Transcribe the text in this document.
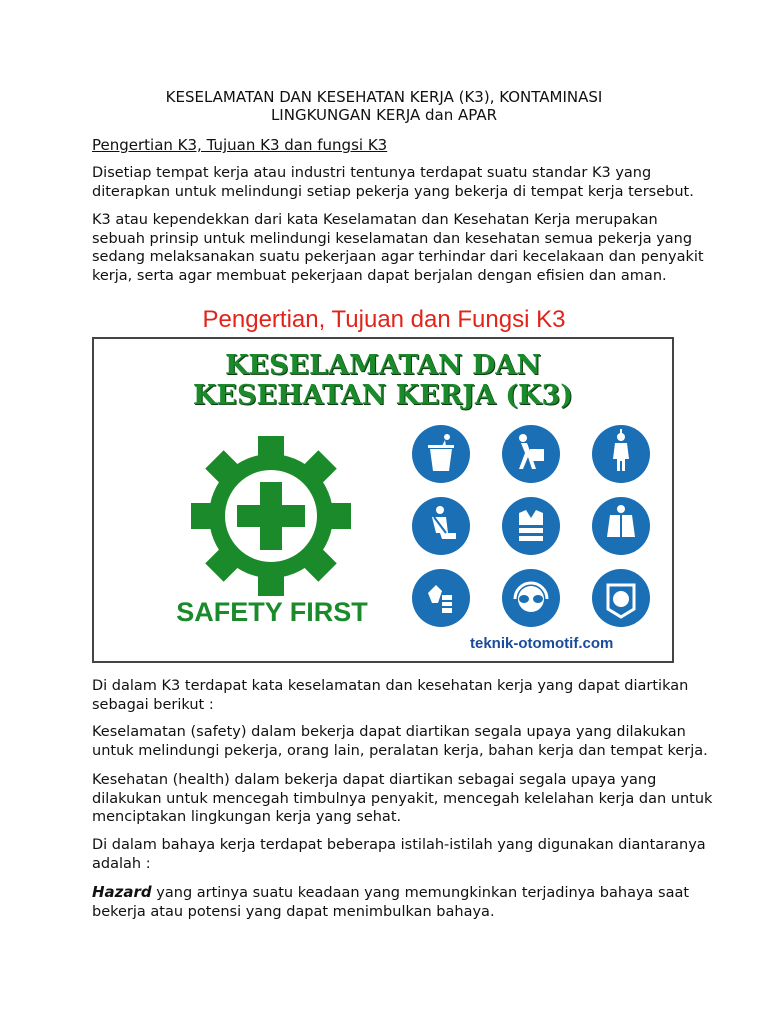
KESELAMATAN DAN KESEHATAN KERJA (K3), KONTAMINASI
LINGKUNGAN KERJA dan APAR
Pengertian K3, Tujuan K3 dan fungsi K3
Disetiap tempat kerja atau industri tentunya terdapat suatu standar K3 yang
diterapkan untuk melindungi setiap pekerja yang bekerja di tempat kerja tersebut.
K3 atau kependekkan dari kata Keselamatan dan Kesehatan Kerja merupakan
sebuah prinsip untuk melindungi keselamatan dan kesehatan semua pekerja yang
sedang melaksanakan suatu pekerjaan agar terhindar dari kecelakaan dan penyakit
kerja, serta agar membuat pekerjaan dapat berjalan dengan efisien dan aman.
Pengertian, Tujuan dan Fungsi K3
KESELAMATAN DAN
KESEHATAN KERJA (K3)
SAFETY FIRST
teknik-otomotif.com
Di dalam K3 terdapat kata keselamatan dan kesehatan kerja yang dapat diartikan
sebagai berikut :
Keselamatan (safety) dalam bekerja dapat diartikan segala upaya yang dilakukan
untuk melindungi pekerja, orang lain, peralatan kerja, bahan kerja dan tempat kerja.
Kesehatan (health) dalam bekerja dapat diartikan sebagai segala upaya yang
dilakukan untuk mencegah timbulnya penyakit, mencegah kelelahan kerja dan untuk
menciptakan lingkungan kerja yang sehat.
Di dalam bahaya kerja terdapat beberapa istilah-istilah yang digunakan diantaranya
adalah :
Hazard yang artinya suatu keadaan yang memungkinkan terjadinya bahaya saat
bekerja atau potensi yang dapat menimbulkan bahaya.
